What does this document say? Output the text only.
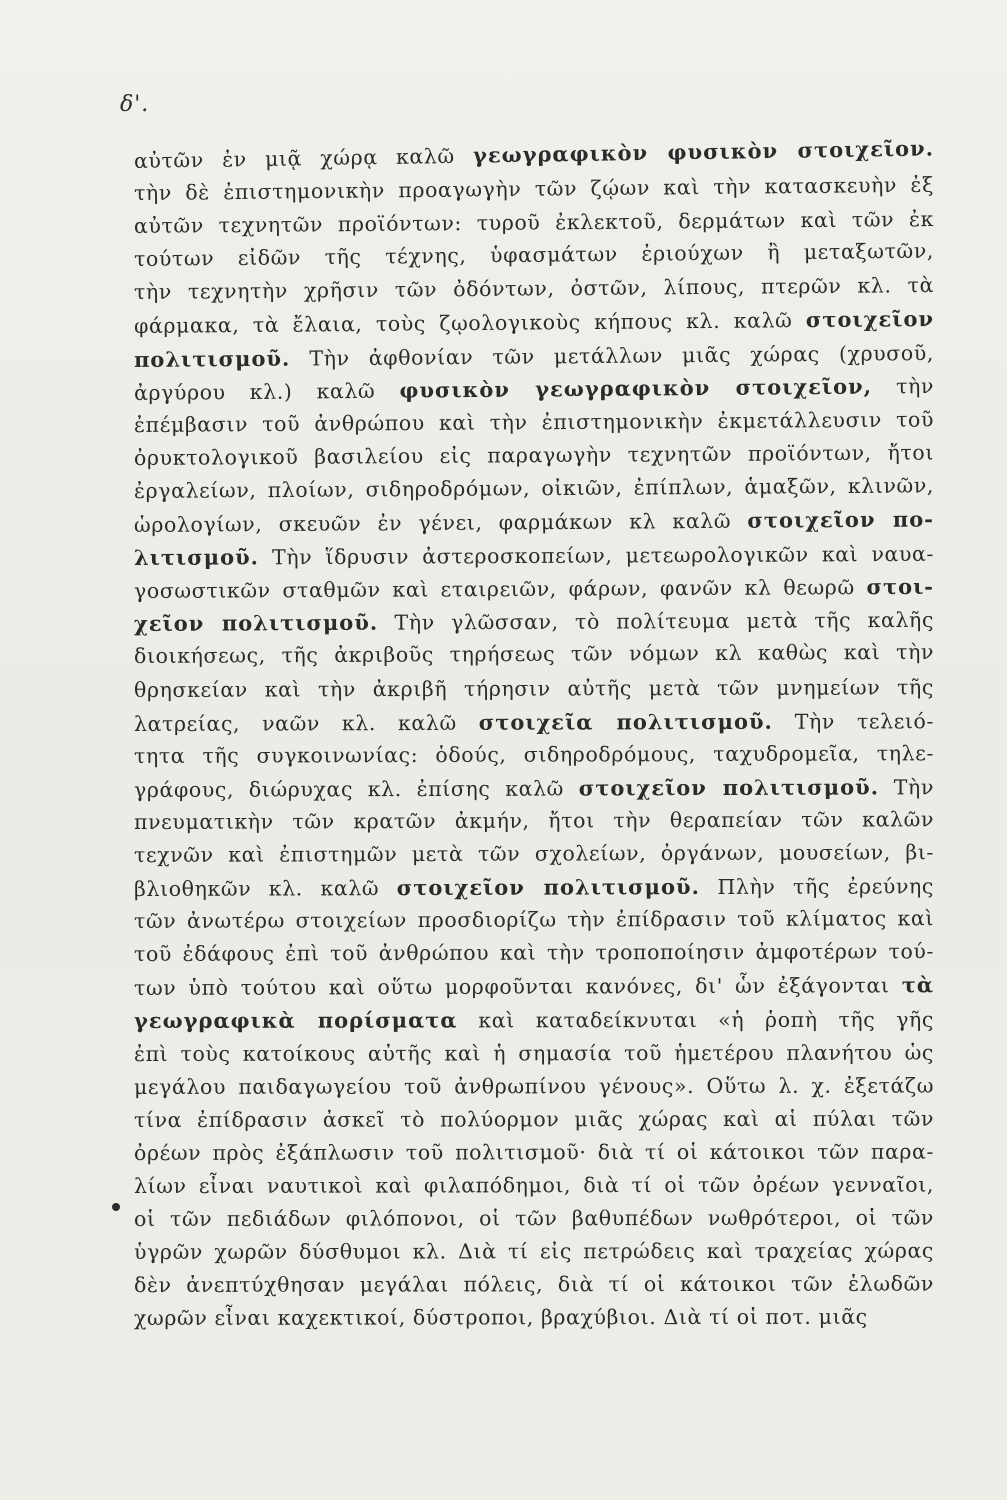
δ'.
αὐτῶν ἐν μιᾷ χώρᾳ καλῶ γεωγραφικὸν φυσικὸν στοιχεῖον.
τὴν δὲ ἐπιστημονικὴν προαγωγὴν τῶν ζῴων καὶ τὴν κατασκευὴν ἐξ
αὐτῶν τεχνητῶν προϊόντων: τυροῦ ἐκλεκτοῦ, δερμάτων καὶ τῶν ἐκ
τούτων εἰδῶν τῆς τέχνης, ὑφασμάτων ἐριούχων ἢ μεταξωτῶν,
τὴν τεχνητὴν χρῆσιν τῶν ὀδόντων, ὀστῶν, λίπους, πτερῶν κλ. τὰ
φάρμακα, τὰ ἔλαια, τοὺς ζῳολογικοὺς κήπους κλ. καλῶ στοιχεῖον
πολιτισμοῦ. Τὴν ἀφθονίαν τῶν μετάλλων μιᾶς χώρας (χρυσοῦ,
ἀργύρου κλ.) καλῶ φυσικὸν γεωγραφικὸν στοιχεῖον, τὴν
ἐπέμβασιν τοῦ ἀνθρώπου καὶ τὴν ἐπιστημονικὴν ἐκμετάλλευσιν τοῦ
ὀρυκτολογικοῦ βασιλείου εἰς παραγωγὴν τεχνητῶν προϊόντων, ἤτοι
ἐργαλείων, πλοίων, σιδηροδρόμων, οἰκιῶν, ἐπίπλων, ἁμαξῶν, κλινῶν,
ὡρολογίων, σκευῶν ἐν γένει, φαρμάκων κλ καλῶ στοιχεῖον πο-
λιτισμοῦ. Τὴν ἵδρυσιν ἀστεροσκοπείων, μετεωρολογικῶν καὶ ναυα-
γοσωστικῶν σταθμῶν καὶ εταιρειῶν, φάρων, φανῶν κλ θεωρῶ στοι-
χεῖον πολιτισμοῦ. Τὴν γλῶσσαν, τὸ πολίτευμα μετὰ τῆς καλῆς
διοικήσεως, τῆς ἀκριβοῦς τηρήσεως τῶν νόμων κλ καθὼς καὶ τὴν
θρησκείαν καὶ τὴν ἀκριβῆ τήρησιν αὐτῆς μετὰ τῶν μνημείων τῆς
λατρείας, ναῶν κλ. καλῶ στοιχεῖα πολιτισμοῦ. Τὴν τελειό-
τητα τῆς συγκοινωνίας: ὁδούς, σιδηροδρόμους, ταχυδρομεῖα, τηλε-
γράφους, διώρυχας κλ. ἐπίσης καλῶ στοιχεῖον πολιτισμοῦ. Τὴν
πνευματικὴν τῶν κρατῶν ἀκμήν, ἤτοι τὴν θεραπείαν τῶν καλῶν
τεχνῶν καὶ ἐπιστημῶν μετὰ τῶν σχολείων, ὀργάνων, μουσείων, βι-
βλιοθηκῶν κλ. καλῶ στοιχεῖον πολιτισμοῦ. Πλὴν τῆς ἐρεύνης
τῶν ἀνωτέρω στοιχείων προσδιορίζω τὴν ἐπίδρασιν τοῦ κλίματος καὶ
τοῦ ἐδάφους ἐπὶ τοῦ ἀνθρώπου καὶ τὴν τροποποίησιν ἀμφοτέρων τού-
των ὑπὸ τούτου καὶ οὕτω μορφοῦνται κανόνες, δι' ὧν ἐξάγονται τὰ
γεωγραφικὰ πορίσματα καὶ καταδείκνυται «ἡ ῥοπὴ τῆς γῆς
ἐπὶ τοὺς κατοίκους αὐτῆς καὶ ἡ σημασία τοῦ ἡμετέρου πλανήτου ὡς
μεγάλου παιδαγωγείου τοῦ ἀνθρωπίνου γένους». Οὕτω λ. χ. ἐξετάζω
τίνα ἐπίδρασιν ἀσκεῖ τὸ πολύορμον μιᾶς χώρας καὶ αἱ πύλαι τῶν
ὀρέων πρὸς ἐξάπλωσιν τοῦ πολιτισμοῦ· διὰ τί οἱ κάτοικοι τῶν παρα-
λίων εἶναι ναυτικοὶ καὶ φιλαπόδημοι, διὰ τί οἱ τῶν ὀρέων γενναῖοι,
οἱ τῶν πεδιάδων φιλόπονοι, οἱ τῶν βαθυπέδων νωθρότεροι, οἱ τῶν
ὑγρῶν χωρῶν δύσθυμοι κλ. Διὰ τί εἰς πετρώδεις καὶ τραχείας χώρας
δὲν ἀνεπτύχθησαν μεγάλαι πόλεις, διὰ τί οἱ κάτοικοι τῶν ἑλωδῶν
χωρῶν εἶναι καχεκτικοί, δύστροποι, βραχύβιοι. Διὰ τί οἱ ποτ. μιᾶς
